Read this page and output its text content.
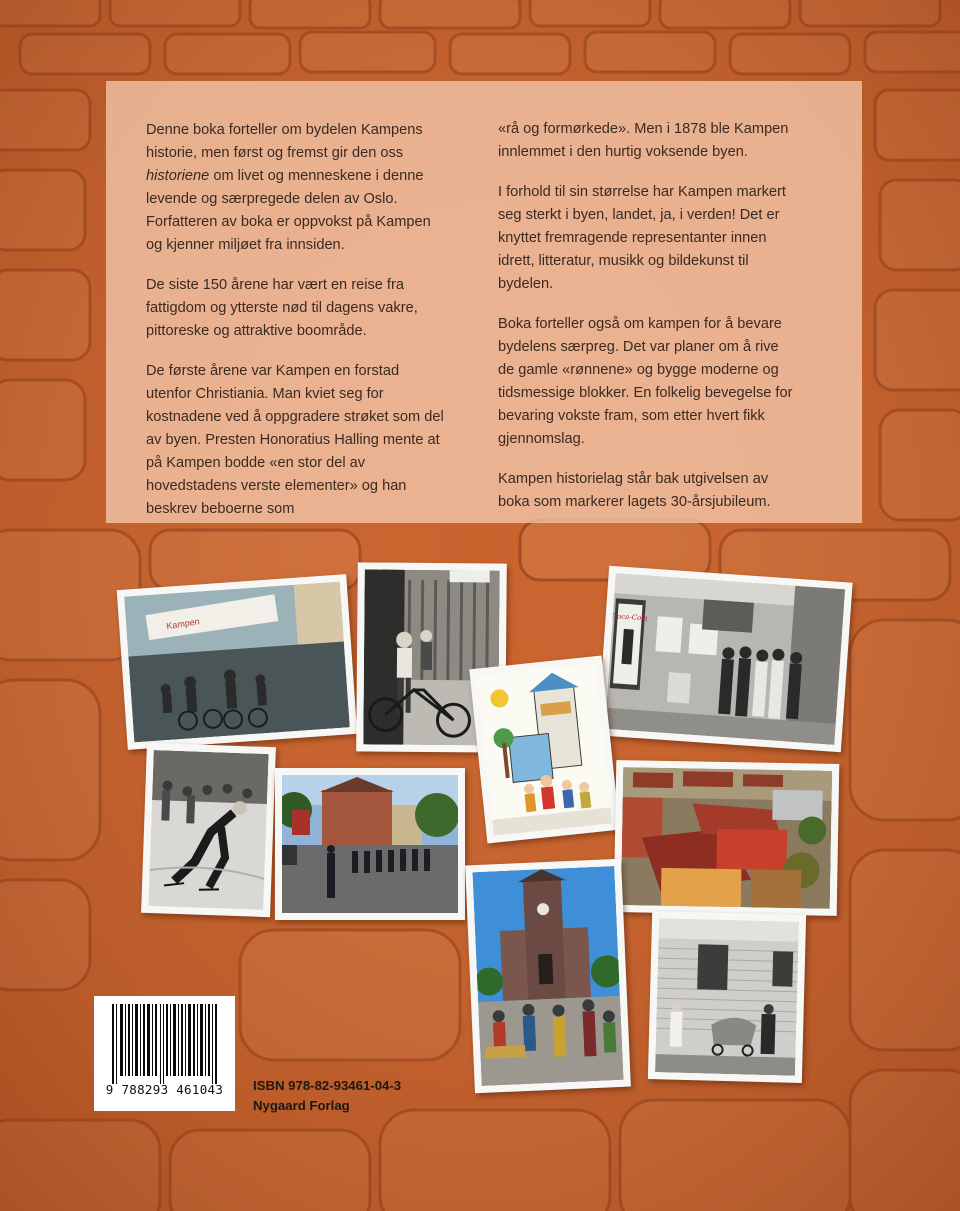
Denne boka forteller om bydelen Kampens historie, men først og fremst gir den oss historiene om livet og menneskene i denne levende og særpregede delen av Oslo. Forfatteren av boka er oppvokst på Kampen og kjenner miljøet fra innsiden.

De siste 150 årene har vært en reise fra fattigdom og ytterste nød til dagens vakre, pittoreske og attraktive boområde.

De første årene var Kampen en forstad utenfor Christiania. Man kviet seg for kostnadene ved å oppgradere strøket som del av byen. Presten Honoratius Halling mente at på Kampen bodde «en stor del av hovedstadens verste elementer» og han beskrev beboerne som

«rå og formørkede». Men i 1878 ble Kampen innlemmet i den hurtig voksende byen.

I forhold til sin størrelse har Kampen markert seg sterkt i byen, landet, ja, i verden! Det er knyttet fremragende representanter innen idrett, litteratur, musikk og bildekunst til bydelen.

Boka forteller også om kampen for å bevare bydelens særpreg. Det var planer om å rive de gamle «rønnene» og bygge moderne og tidsmessige blokker. En folkelig bevegelse for bevaring vokste fram, som etter hvert fikk gjennomslag.

Kampen historielag står bak utgivelsen av boka som markerer lagets 30-årsjubileum.

Kampen	Coca-Cola
9 788293 461043	ISBN 978-82-93461-04-3
Nygaard Forlag
